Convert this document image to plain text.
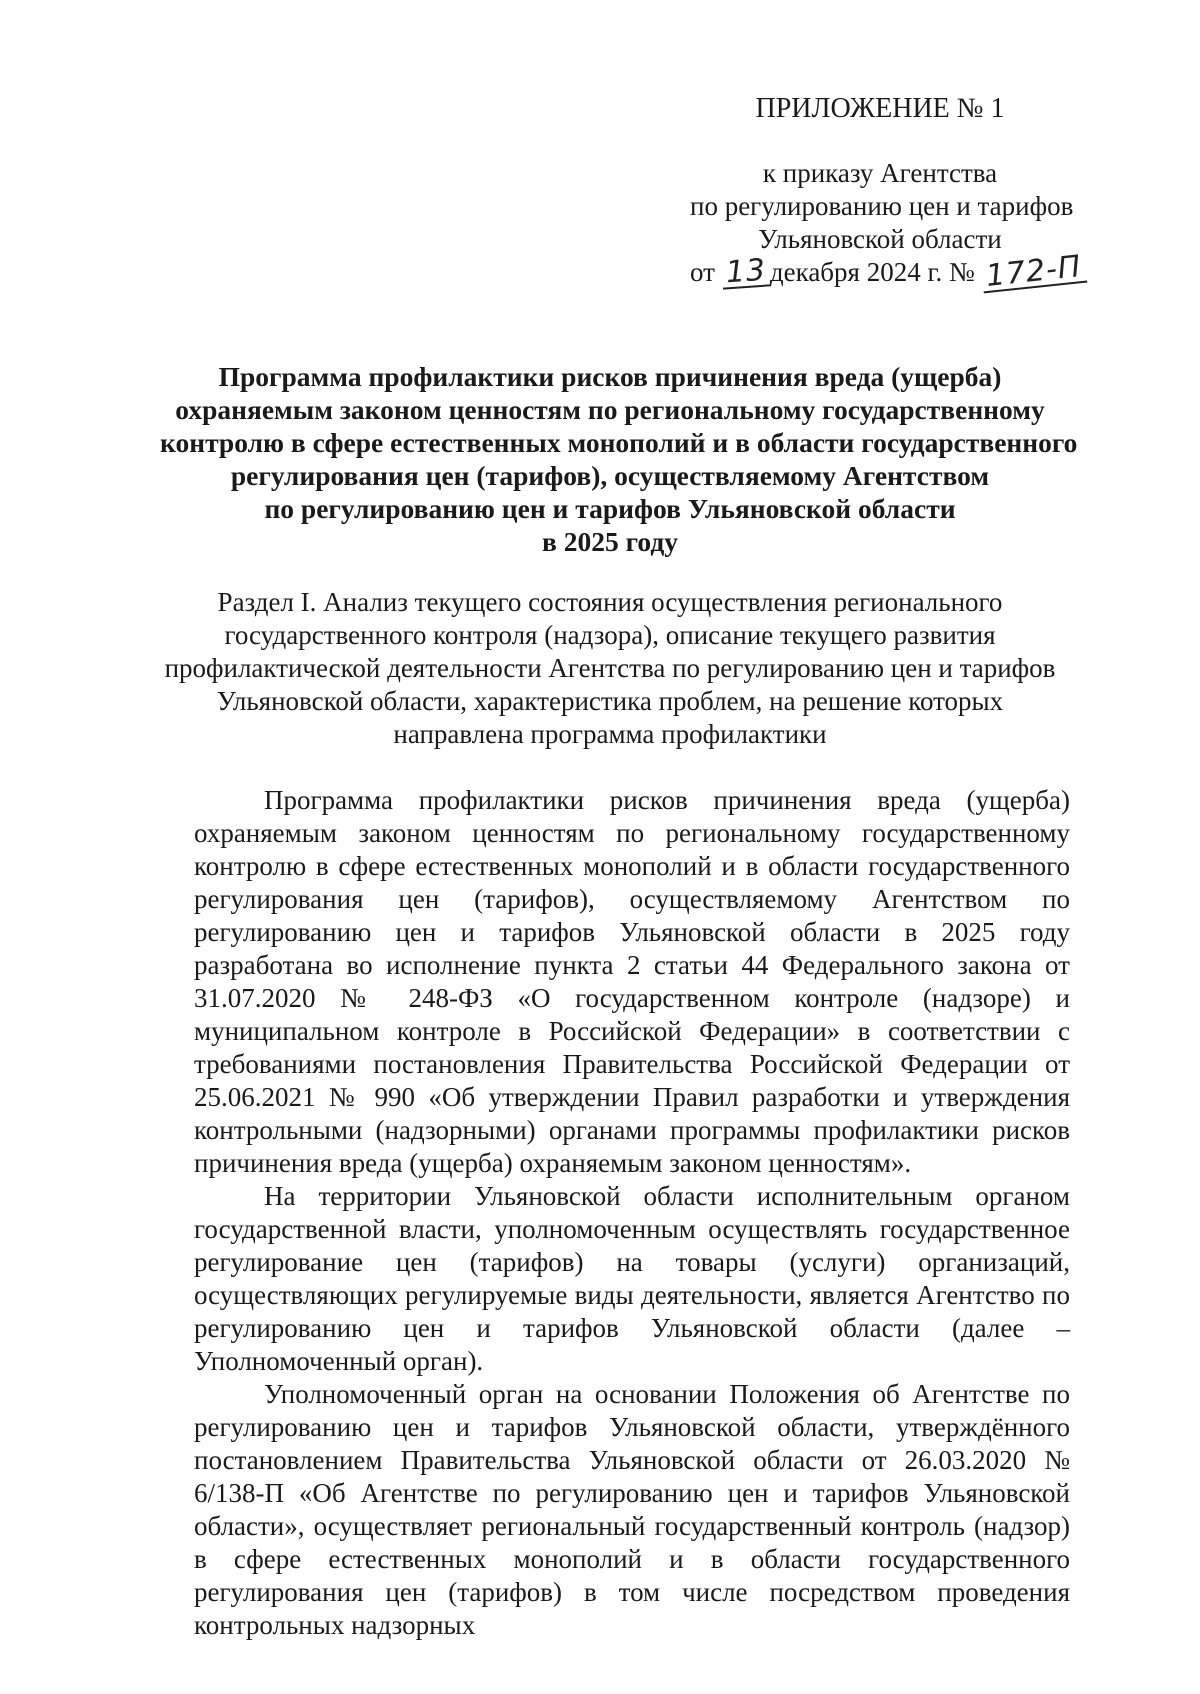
ПРИЛОЖЕНИЕ № 1
к приказу Агентства
по регулированию цен и тарифов
Ульяновской области
от 13 декабря 2024 г. № 172-П
Программа профилактики рисков причинения вреда (ущерба)
охраняемым законом ценностям по региональному государственному
контролю в сфере естественных монополий и в области государственного
регулирования цен (тарифов), осуществляемому Агентством
по регулированию цен и тарифов Ульяновской области
в 2025 году
Раздел I. Анализ текущего состояния осуществления регионального
государственного контроля (надзора), описание текущего развития
профилактической деятельности Агентства по регулированию цен и тарифов
Ульяновской области, характеристика проблем, на решение которых
направлена программа профилактики

Программа профилактики рисков причинения вреда (ущерба) охраняемым законом ценностям по региональному государственному контролю в сфере естественных монополий и в области государственного регулирования цен (тарифов), осуществляемому Агентством по регулированию цен и тарифов Ульяновской области в 2025 году разработана во исполнение пункта 2 статьи 44 Федерального закона от 31.07.2020 № 248-ФЗ «О государственном контроле (надзоре) и муниципальном контроле в Российской Федерации» в соответствии с требованиями постановления Правительства Российской Федерации от 25.06.2021 № 990 «Об утверждении Правил разработки и утверждения контрольными (надзорными) органами программы профилактики рисков причинения вреда (ущерба) охраняемым законом ценностям».

На территории Ульяновской области исполнительным органом государственной власти, уполномоченным осуществлять государственное регулирование цен (тарифов) на товары (услуги) организаций, осуществляющих регулируемые виды деятельности, является Агентство по регулированию цен и тарифов Ульяновской области (далее – Уполномоченный орган).

Уполномоченный орган на основании Положения об Агентстве по регулированию цен и тарифов Ульяновской области, утверждённого постановлением Правительства Ульяновской области от 26.03.2020 № 6/138-П «Об Агентстве по регулированию цен и тарифов Ульяновской области», осуществляет региональный государственный контроль (надзор) в сфере естественных монополий и в области государственного регулирования цен (тарифов) в том числе посредством проведения контрольных надзорных
